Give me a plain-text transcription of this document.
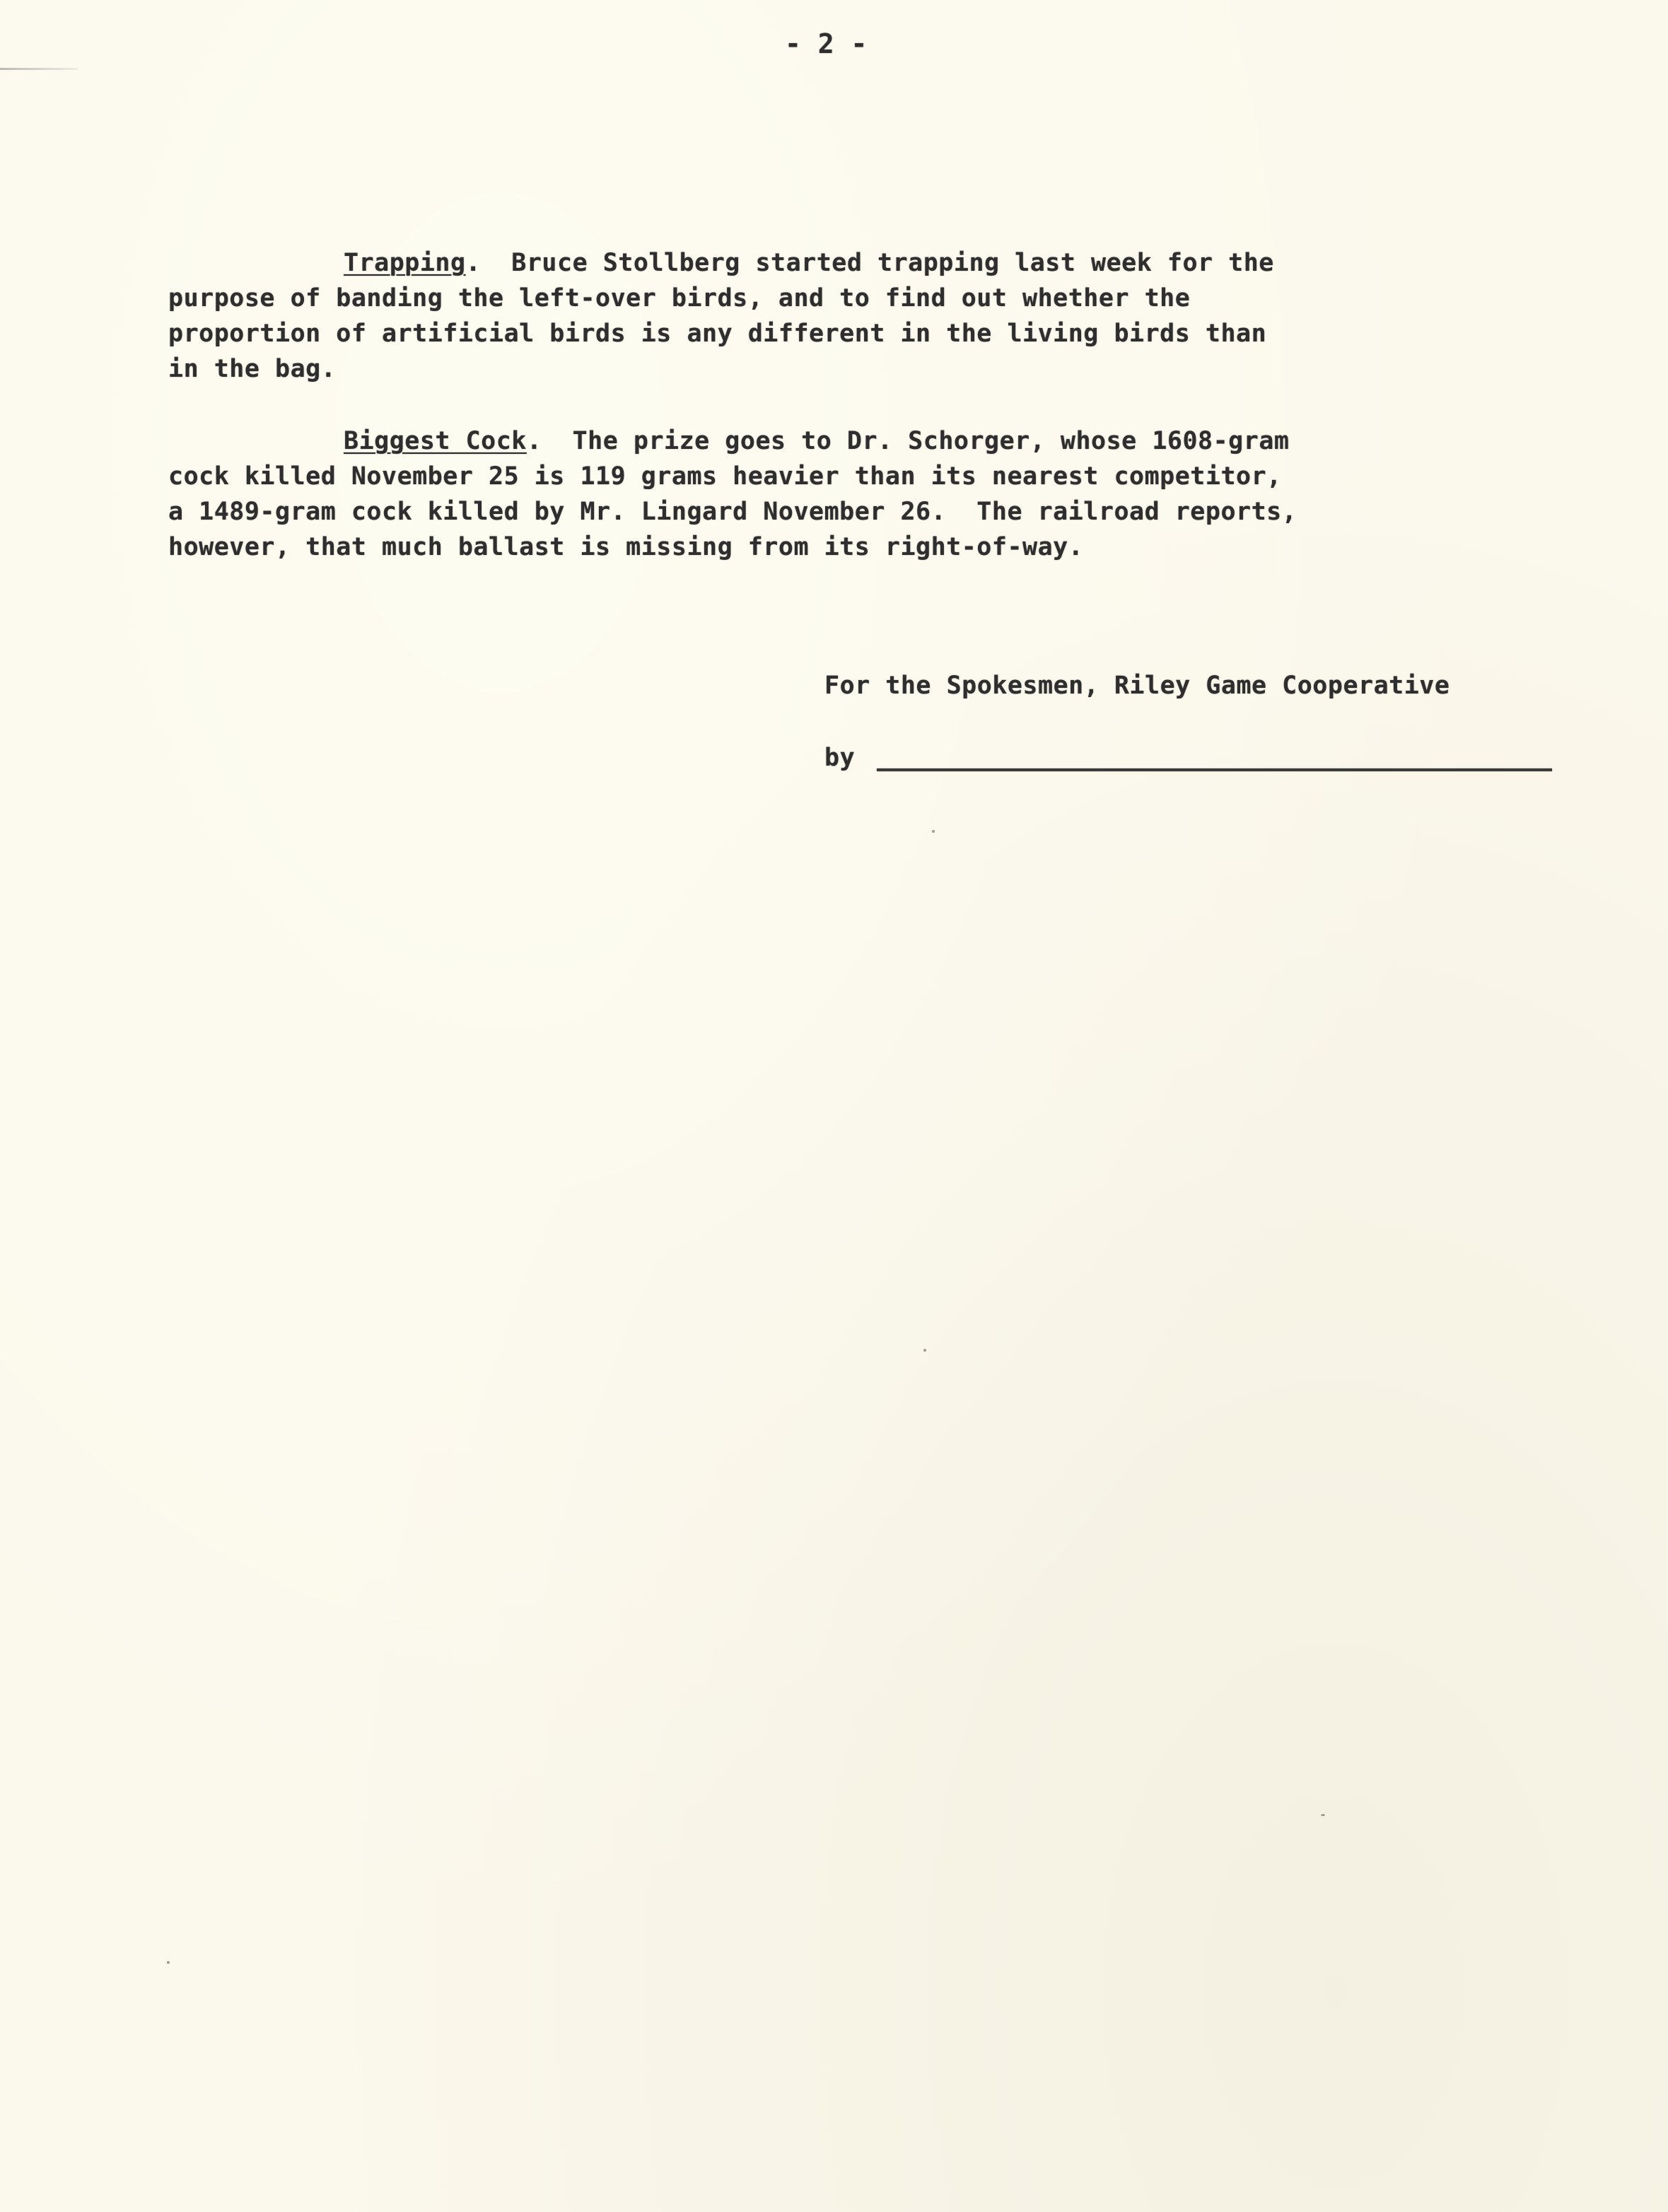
- 2 -
Trapping.  Bruce Stollberg started trapping last week for the
purpose of banding the left-over birds, and to find out whether the
proportion of artificial birds is any different in the living birds than
in the bag.
Biggest Cock.  The prize goes to Dr. Schorger, whose 1608-gram
cock killed November 25 is 119 grams heavier than its nearest competitor,
a 1489-gram cock killed by Mr. Lingard November 26.  The railroad reports,
however, that much ballast is missing from its right-of-way.
For the Spokesmen, Riley Game Cooperative
by
